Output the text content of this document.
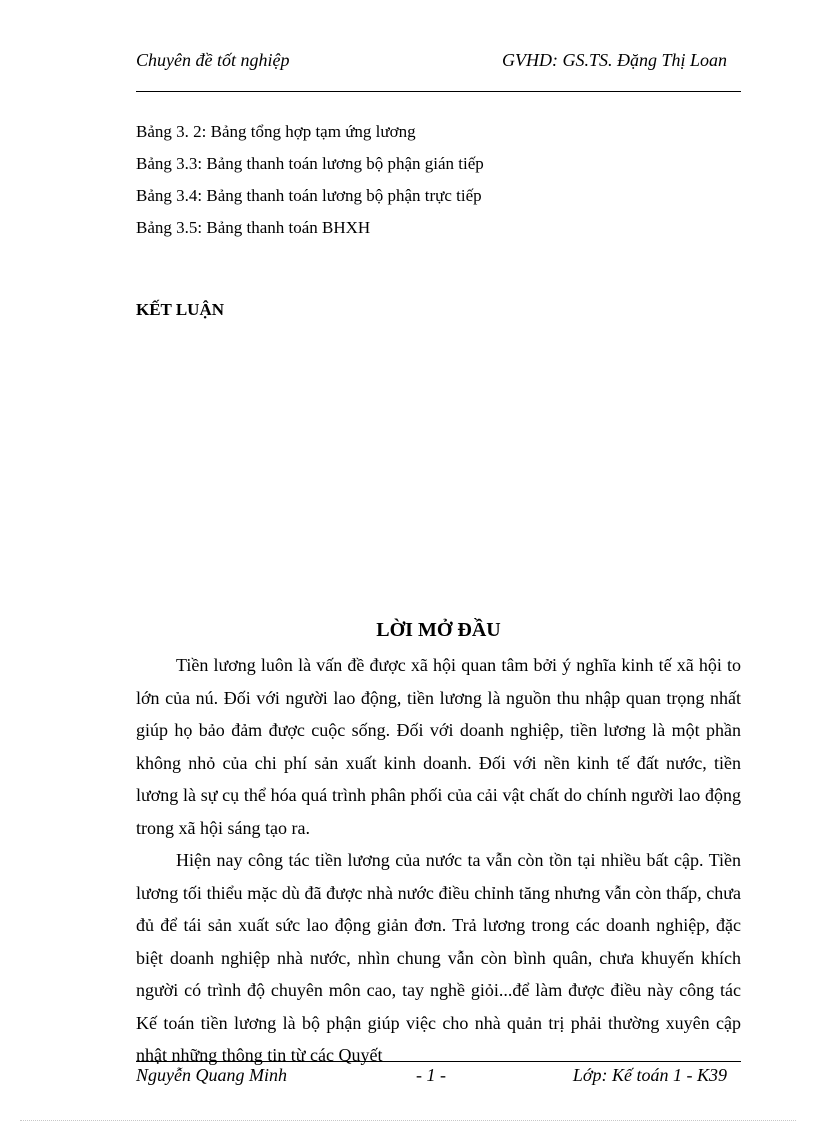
Chuyên đề tốt nghiệp	GVHD: GS.TS. Đặng Thị Loan
Bảng 3. 2: Bảng tổng hợp tạm ứng lương
Bảng 3.3: Bảng thanh toán lương bộ phận gián tiếp
Bảng 3.4: Bảng thanh toán lương bộ phận trực tiếp
Bảng 3.5: Bảng thanh toán BHXH
KẾT LUẬN
LỜI MỞ ĐẦU

Tiền lương luôn là vấn đề được xã hội quan tâm bởi ý nghĩa kinh tế xã hội to lớn của nú. Đối với người lao động, tiền lương là nguồn thu nhập quan trọng nhất giúp họ bảo đảm được cuộc sống. Đối với doanh nghiệp, tiền lương là một phần không nhỏ của chi phí sản xuất kinh doanh. Đối với nền kinh tế đất nước, tiền lương là sự cụ thể hóa quá trình phân phối của cải vật chất do chính người lao động trong xã hội sáng tạo ra.

Hiện nay công tác tiền lương của nước ta vẫn còn tồn tại nhiều bất cập. Tiền lương tối thiểu mặc dù đã được nhà nước điều chỉnh tăng nhưng vẫn còn thấp, chưa đủ để tái sản xuất sức lao động giản đơn. Trả lương trong các doanh nghiệp, đặc biệt doanh nghiệp nhà nước, nhìn chung vẫn còn bình quân, chưa khuyến khích người có trình độ chuyên môn cao, tay nghề giỏi...để làm được điều này công tác Kế toán tiền lương là bộ phận giúp việc cho nhà quản trị phải thường xuyên cập nhật những thông tin từ các Quyết

Nguyễn Quang Minh	- 1 -	Lớp: Kế toán 1 - K39
